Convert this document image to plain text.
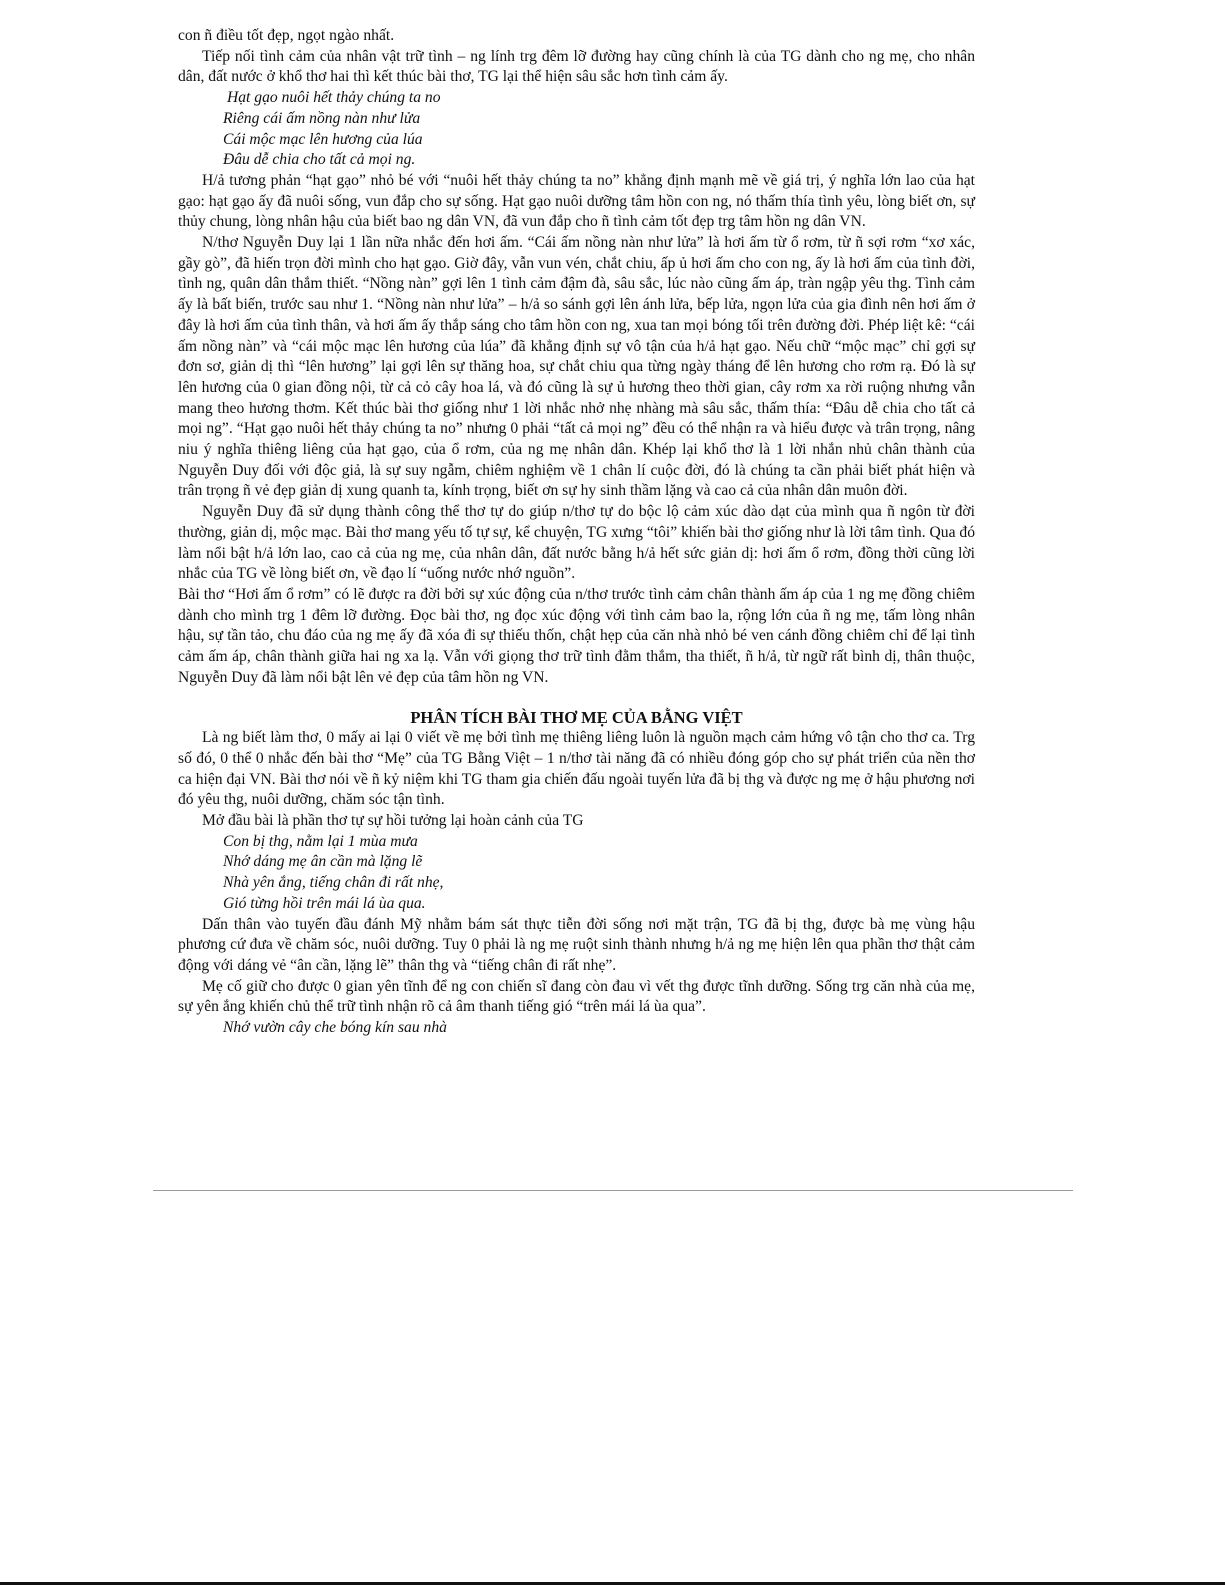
con ñ điều tốt đẹp, ngọt ngào nhất.

Tiếp nối tình cảm của nhân vật trữ tình – ng lính trg đêm lỡ đường hay cũng chính là của TG dành cho ng mẹ, cho nhân dân, đất nước ở khổ thơ hai thì kết thúc bài thơ, TG lại thể hiện sâu sắc hơn tình cảm ấy.

Hạt gạo nuôi hết thảy chúng ta no

Riêng cái ấm nồng nàn như lửa

Cái mộc mạc lên hương của lúa

Đâu dễ chia cho tất cả mọi ng.

H/ả tương phản “hạt gạo” nhỏ bé với “nuôi hết thảy chúng ta no” khẳng định mạnh mẽ về giá trị, ý nghĩa lớn lao của hạt gạo: hạt gạo ấy đã nuôi sống, vun đắp cho sự sống. Hạt gạo nuôi dưỡng tâm hồn con ng, nó thấm thía tình yêu, lòng biết ơn, sự thủy chung, lòng nhân hậu của biết bao ng dân VN, đã vun đắp cho ñ tình cảm tốt đẹp trg tâm hồn ng dân VN.

N/thơ Nguyễn Duy lại 1 lần nữa nhắc đến hơi ấm. “Cái ấm nồng nàn như lửa” là hơi ấm từ ổ rơm, từ ñ sợi rơm “xơ xác, gầy gò”, đã hiến trọn đời mình cho hạt gạo. Giờ đây, vẫn vun vén, chắt chiu, ấp ủ hơi ấm cho con ng, ấy là hơi ấm của tình đời, tình ng, quân dân thắm thiết. “Nồng nàn” gợi lên 1 tình cảm đậm đà, sâu sắc, lúc nào cũng ấm áp, tràn ngập yêu thg. Tình cảm ấy là bất biến, trước sau như 1. “Nồng nàn như lửa” – h/ả so sánh gợi lên ánh lửa, bếp lửa, ngọn lửa của gia đình nên hơi ấm ở đây là hơi ấm của tình thân, và hơi ấm ấy thắp sáng cho tâm hồn con ng, xua tan mọi bóng tối trên đường đời. Phép liệt kê: “cái ấm nồng nàn” và “cái mộc mạc lên hương của lúa” đã khẳng định sự vô tận của h/ả hạt gạo. Nếu chữ “mộc mạc” chỉ gợi sự đơn sơ, giản dị thì “lên hương” lại gợi lên sự thăng hoa, sự chắt chiu qua từng ngày tháng để lên hương cho rơm rạ. Đó là sự lên hương của 0 gian đồng nội, từ cả cỏ cây hoa lá, và đó cũng là sự ủ hương theo thời gian, cây rơm xa rời ruộng nhưng vẫn mang theo hương thơm. Kết thúc bài thơ giống như 1 lời nhắc nhở nhẹ nhàng mà sâu sắc, thấm thía: “Đâu dễ chia cho tất cả mọi ng”. “Hạt gạo nuôi hết thảy chúng ta no” nhưng 0 phải “tất cả mọi ng” đều có thể nhận ra và hiểu được và trân trọng, nâng niu ý nghĩa thiêng liêng của hạt gạo, của ổ rơm, của ng mẹ nhân dân. Khép lại khổ thơ là 1 lời nhắn nhủ chân thành của Nguyễn Duy đối với độc giả, là sự suy ngẫm, chiêm nghiệm về 1 chân lí cuộc đời, đó là chúng ta cần phải biết phát hiện và trân trọng ñ vẻ đẹp giản dị xung quanh ta, kính trọng, biết ơn sự hy sinh thầm lặng và cao cả của nhân dân muôn đời.

Nguyễn Duy đã sử dụng thành công thể thơ tự do giúp n/thơ tự do bộc lộ cảm xúc dào dạt của mình qua ñ ngôn từ đời thường, giản dị, mộc mạc. Bài thơ mang yếu tố tự sự, kể chuyện, TG xưng “tôi” khiến bài thơ giống như là lời tâm tình. Qua đó làm nổi bật h/ả lớn lao, cao cả của ng mẹ, của nhân dân, đất nước bằng h/ả hết sức giản dị: hơi ấm ổ rơm, đồng thời cũng lời nhắc của TG về lòng biết ơn, về đạo lí “uống nước nhớ nguồn”.

Bài thơ “Hơi ấm ổ rơm” có lẽ được ra đời bởi sự xúc động của n/thơ trước tình cảm chân thành ấm áp của 1 ng mẹ đồng chiêm dành cho mình trg 1 đêm lỡ đường. Đọc bài thơ, ng đọc xúc động với tình cảm bao la, rộng lớn của ñ ng mẹ, tấm lòng nhân hậu, sự tần tảo, chu đáo của ng mẹ ấy đã xóa đi sự thiếu thốn, chật hẹp của căn nhà nhỏ bé ven cánh đồng chiêm chỉ để lại tình cảm ấm áp, chân thành giữa hai ng xa lạ. Vẫn với giọng thơ trữ tình đằm thắm, tha thiết, ñ h/ả, từ ngữ rất bình dị, thân thuộc, Nguyễn Duy đã làm nổi bật lên vẻ đẹp của tâm hồn ng VN.

PHÂN TÍCH BÀI THƠ MẸ CỦA BẰNG VIỆT

Là ng biết làm thơ, 0 mấy ai lại 0 viết về mẹ bởi tình mẹ thiêng liêng luôn là nguồn mạch cảm hứng vô tận cho thơ ca. Trg số đó, 0 thể 0 nhắc đến bài thơ “Mẹ” của TG Bằng Việt – 1 n/thơ tài năng đã có nhiều đóng góp cho sự phát triển của nền thơ ca hiện đại VN. Bài thơ nói về ñ kỷ niệm khi TG tham gia chiến đấu ngoài tuyến lửa đã bị thg và được ng mẹ ở hậu phương nơi đó yêu thg, nuôi dưỡng, chăm sóc tận tình.

Mở đầu bài là phần thơ tự sự hồi tưởng lại hoàn cảnh của TG

Con bị thg, nằm lại 1 mùa mưa

Nhớ dáng mẹ ân cần mà lặng lẽ

Nhà yên ắng, tiếng chân đi rất nhẹ,

Gió từng hồi trên mái lá ùa qua.

Dấn thân vào tuyến đầu đánh Mỹ nhằm bám sát thực tiễn đời sống nơi mặt trận, TG đã bị thg, được bà mẹ vùng hậu phương cứ đưa về chăm sóc, nuôi dưỡng. Tuy 0 phải là ng mẹ ruột sinh thành nhưng h/ả ng mẹ hiện lên qua phần thơ thật cảm động với dáng vẻ “ân cần, lặng lẽ” thân thg và “tiếng chân đi rất nhẹ”.

Mẹ cố giữ cho được 0 gian yên tĩnh để ng con chiến sĩ đang còn đau vì vết thg được tĩnh dưỡng. Sống trg căn nhà của mẹ, sự yên ắng khiến chủ thể trữ tình nhận rõ cả âm thanh tiếng gió “trên mái lá ùa qua”.

Nhớ vườn cây che bóng kín sau nhà
